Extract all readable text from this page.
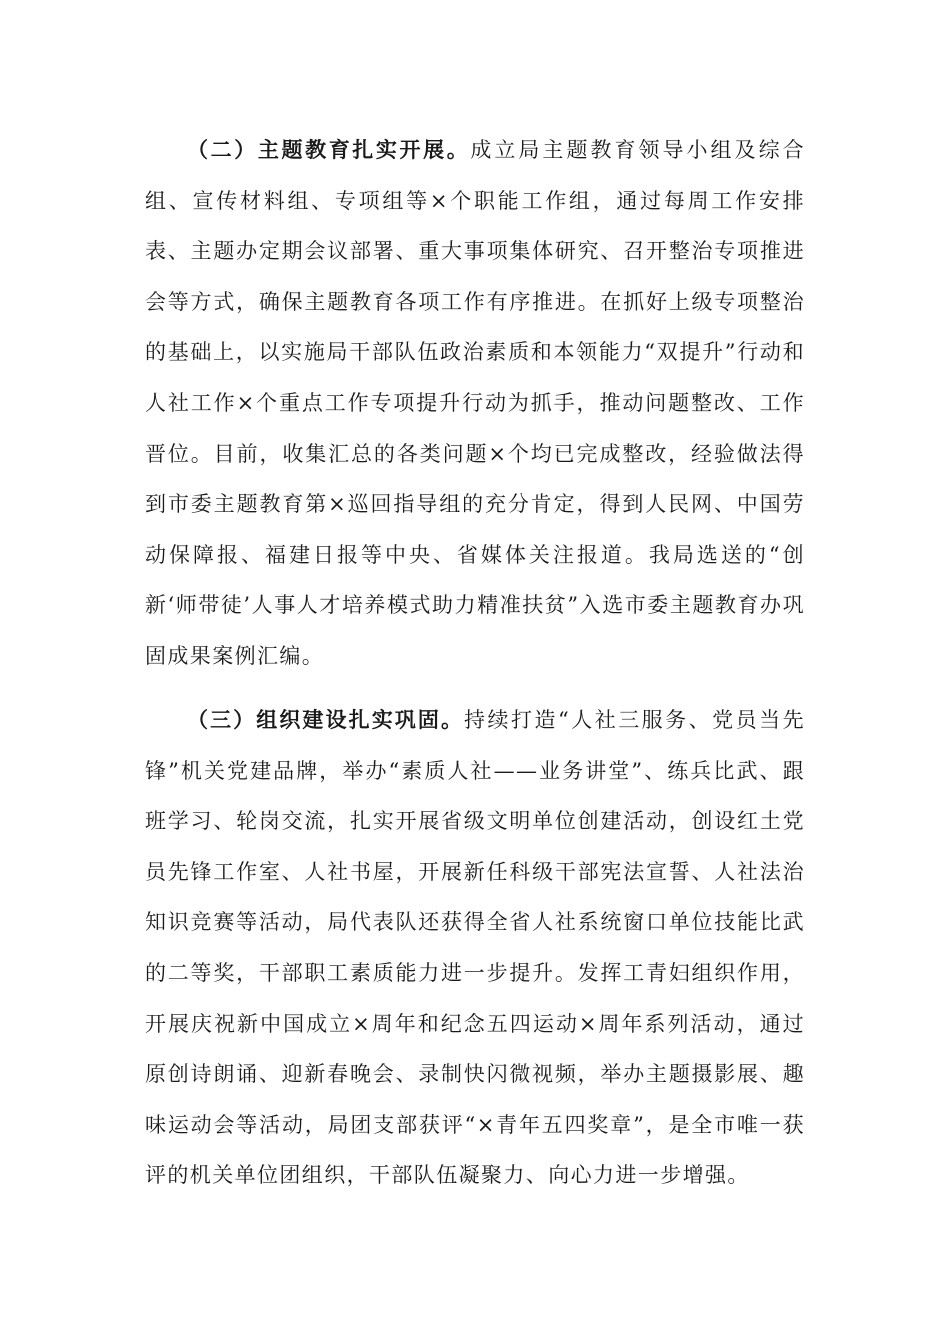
（二）主题教育扎实开展。成立局主题教育领导小组及综合组、宣传材料组、专项组等×个职能工作组，通过每周工作安排表、主题办定期会议部署、重大事项集体研究、召开整治专项推进会等方式，确保主题教育各项工作有序推进。在抓好上级专项整治的基础上，以实施局干部队伍政治素质和本领能力“双提升”行动和人社工作×个重点工作专项提升行动为抓手，推动问题整改、工作晋位。目前，收集汇总的各类问题×个均已完成整改，经验做法得到市委主题教育第×巡回指导组的充分肯定，得到人民网、中国劳动保障报、福建日报等中央、省媒体关注报道。我局选送的“创新‘师带徒’人事人才培养模式助力精准扶贫”入选市委主题教育办巩固成果案例汇编。

（三）组织建设扎实巩固。持续打造“人社三服务、党员当先锋”机关党建品牌，举办“素质人社——业务讲堂”、练兵比武、跟班学习、轮岗交流，扎实开展省级文明单位创建活动，创设红土党员先锋工作室、人社书屋，开展新任科级干部宪法宣誓、人社法治知识竞赛等活动，局代表队还获得全省人社系统窗口单位技能比武的二等奖，干部职工素质能力进一步提升。发挥工青妇组织作用，开展庆祝新中国成立×周年和纪念五四运动×周年系列活动，通过原创诗朗诵、迎新春晚会、录制快闪微视频，举办主题摄影展、趣味运动会等活动，局团支部获评“×青年五四奖章”，是全市唯一获评的机关单位团组织，干部队伍凝聚力、向心力进一步增强。
